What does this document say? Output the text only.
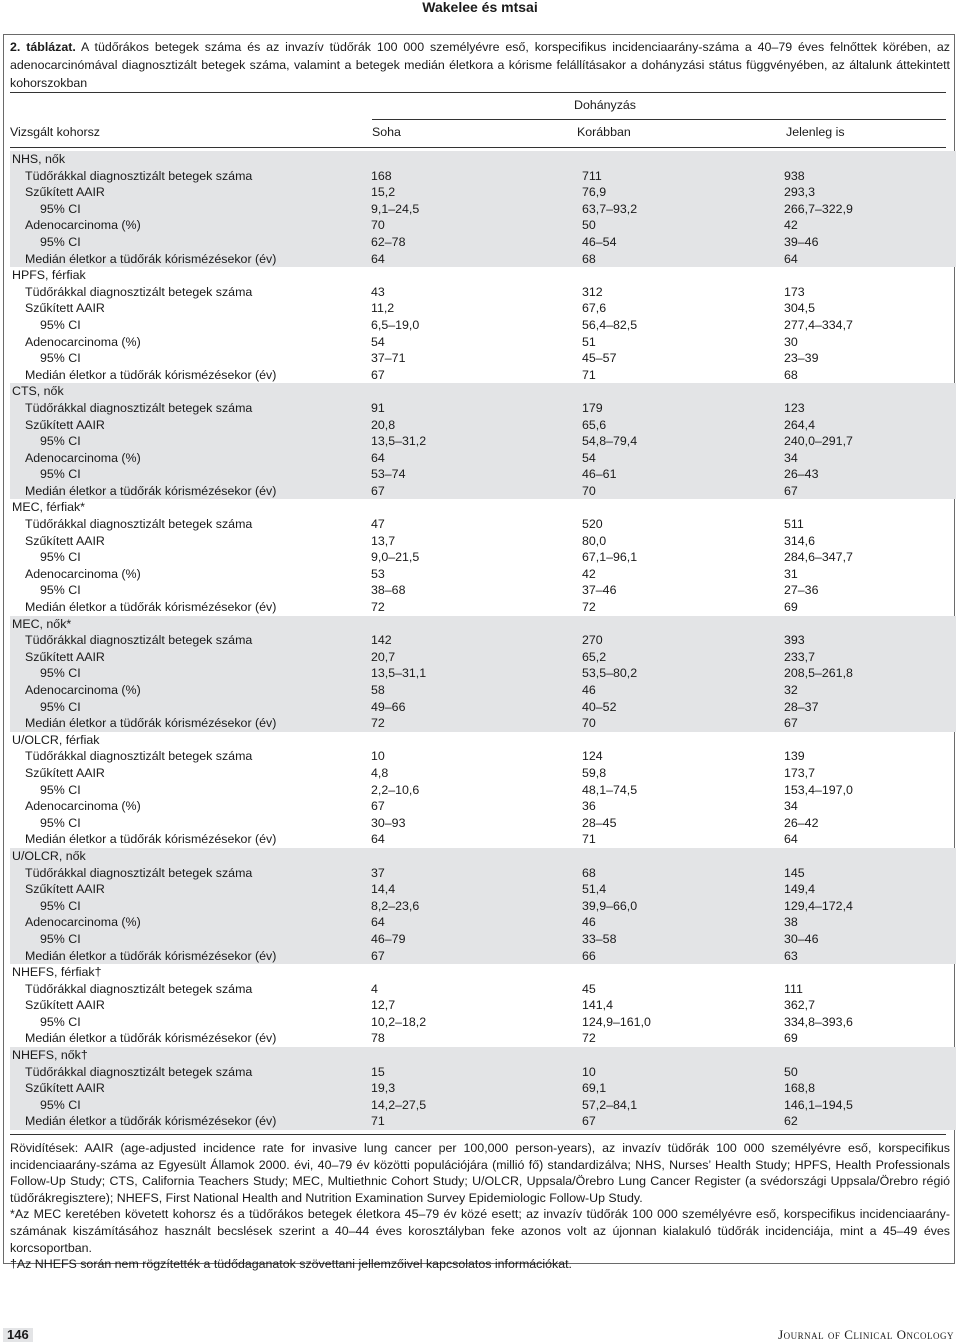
Wakelee és mtsai
2. táblázat. A tüdőrákos betegek száma és az invazív tüdőrák 100 000 személyévre eső, korspecifikus incidenciaarány-száma a 40–79 éves felnőttek körében, az adenocarcinómával diagnosztizált betegek száma, valamint a betegek medián életkora a kórisme felállításakor a dohányzási státus függvényében, az általunk áttekintett kohorszokban
Dohányzás
Vizsgált kohorsz	Soha	Korábban	Jelenleg is
NHS, nők
Tüdőrákkal diagnosztizált betegek száma	168	711	938
Szűkített AAIR	15,2	76,9	293,3
95% CI	9,1–24,5	63,7–93,2	266,7–322,9
Adenocarcinoma (%)	70	50	42
95% CI	62–78	46–54	39–46
Medián életkor a tüdőrák kórismézésekor (év)	64	68	64
HPFS, férfiak
Tüdőrákkal diagnosztizált betegek száma	43	312	173
Szűkített AAIR	11,2	67,6	304,5
95% CI	6,5–19,0	56,4–82,5	277,4–334,7
Adenocarcinoma (%)	54	51	30
95% CI	37–71	45–57	23–39
Medián életkor a tüdőrák kórismézésekor (év)	67	71	68
CTS, nők
Tüdőrákkal diagnosztizált betegek száma	91	179	123
Szűkített AAIR	20,8	65,6	264,4
95% CI	13,5–31,2	54,8–79,4	240,0–291,7
Adenocarcinoma (%)	64	54	34
95% CI	53–74	46–61	26–43
Medián életkor a tüdőrák kórismézésekor (év)	67	70	67
MEC, férfiak*
Tüdőrákkal diagnosztizált betegek száma	47	520	511
Szűkített AAIR	13,7	80,0	314,6
95% CI	9,0–21,5	67,1–96,1	284,6–347,7
Adenocarcinoma (%)	53	42	31
95% CI	38–68	37–46	27–36
Medián életkor a tüdőrák kórismézésekor (év)	72	72	69
MEC, nők*
Tüdőrákkal diagnosztizált betegek száma	142	270	393
Szűkített AAIR	20,7	65,2	233,7
95% CI	13,5–31,1	53,5–80,2	208,5–261,8
Adenocarcinoma (%)	58	46	32
95% CI	49–66	40–52	28–37
Medián életkor a tüdőrák kórismézésekor (év)	72	70	67
U/OLCR, férfiak
Tüdőrákkal diagnosztizált betegek száma	10	124	139
Szűkített AAIR	4,8	59,8	173,7
95% CI	2,2–10,6	48,1–74,5	153,4–197,0
Adenocarcinoma (%)	67	36	34
95% CI	30–93	28–45	26–42
Medián életkor a tüdőrák kórismézésekor (év)	64	71	64
U/OLCR, nők
Tüdőrákkal diagnosztizált betegek száma	37	68	145
Szűkített AAIR	14,4	51,4	149,4
95% CI	8,2–23,6	39,9–66,0	129,4–172,4
Adenocarcinoma (%)	64	46	38
95% CI	46–79	33–58	30–46
Medián életkor a tüdőrák kórismézésekor (év)	67	66	63
NHEFS, férfiak†
Tüdőrákkal diagnosztizált betegek száma	4	45	111
Szűkített AAIR	12,7	141,4	362,7
95% CI	10,2–18,2	124,9–161,0	334,8–393,6
Medián életkor a tüdőrák kórismézésekor (év)	78	72	69
NHEFS, nők†
Tüdőrákkal diagnosztizált betegek száma	15	10	50
Szűkített AAIR	19,3	69,1	168,8
95% CI	14,2–27,5	57,2–84,1	146,1–194,5
Medián életkor a tüdőrák kórismézésekor (év)	71	67	62

Rövidítések: AAIR (age-adjusted incidence rate for invasive lung cancer per 100,000 person-years), az invazív tüdőrák 100 000 személyévre eső, korspecifikus incidenciaarány-száma az Egyesült Államok 2000. évi, 40–79 év közötti populációjára (millió fő) standardizálva; NHS, Nurses’ Health Study; HPFS, Health Professionals Follow-Up Study; CTS, California Teachers Study; MEC, Multiethnic Cohort Study; U/OLCR, Uppsala/Örebro Lung Cancer Register (a svédországi Uppsala/Örebro régió tüdőrákregisztere); NHEFS, First National Health and Nutrition Examination Survey Epidemiologic Follow-Up Study.

*Az MEC keretében követett kohorsz és a tüdőrákos betegek életkora 45–79 év közé esett; az invazív tüdőrák 100 000 személyévre eső, korspecifikus incidenciaarány-számának kiszámításához használt becslések szerint a 40–44 éves korosztályban feke azonos volt az újonnan kialakuló tüdőrák incidenciája, mint a 45–49 éves korcsoportban.

†Az NHEFS során nem rögzítették a tüdődaganatok szövettani jellemzőivel kapcsolatos információkat.

146	Journal of Clinical Oncology
